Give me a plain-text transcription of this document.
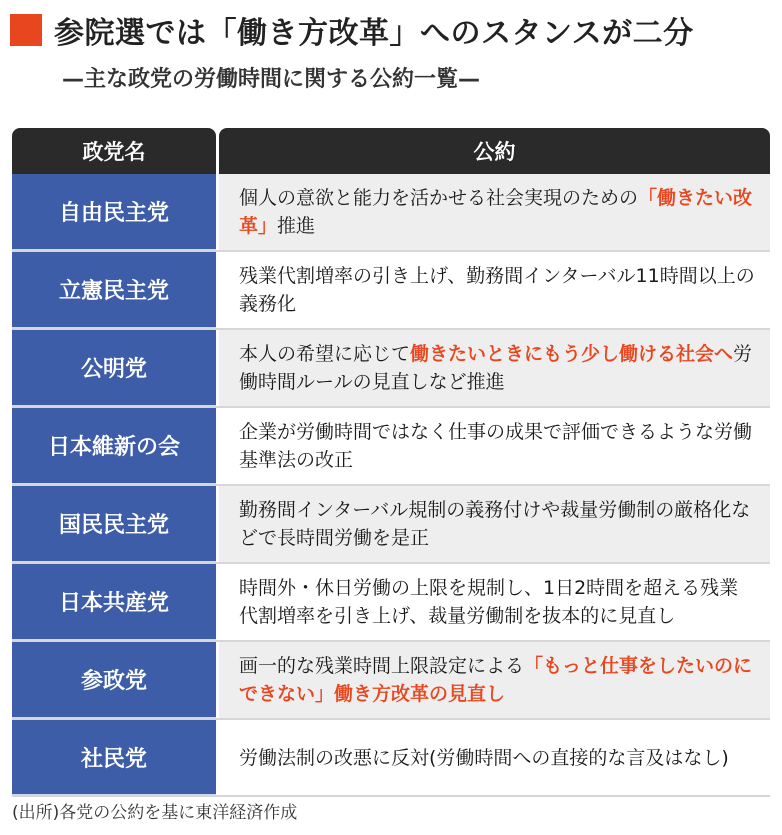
参院選では「働き方改革」へのスタンスが二分
—主な政党の労働時間に関する公約一覧—
政党名	公約
自由民主党
個人の意欲と能力を活かせる社会実現のための「働きたい改革」推進
立憲民主党
残業代割増率の引き上げ、勤務間インターバル11時間以上の義務化
公明党
本人の希望に応じて働きたいときにもう少し働ける社会へ労働時間ルールの見直しなど推進
日本維新の会
企業が労働時間ではなく仕事の成果で評価できるような労働基準法の改正
国民民主党
勤務間インターバル規制の義務付けや裁量労働制の厳格化などで長時間労働を是正
日本共産党
時間外・休日労働の上限を規制し、1日2時間を超える残業代割増率を引き上げ、裁量労働制を抜本的に見直し
参政党
画一的な残業時間上限設定による「もっと仕事をしたいのにできない」働き方改革の見直し
社民党	労働法制の改悪に反対(労働時間への直接的な言及はなし)
(出所)各党の公約を基に東洋経済作成
